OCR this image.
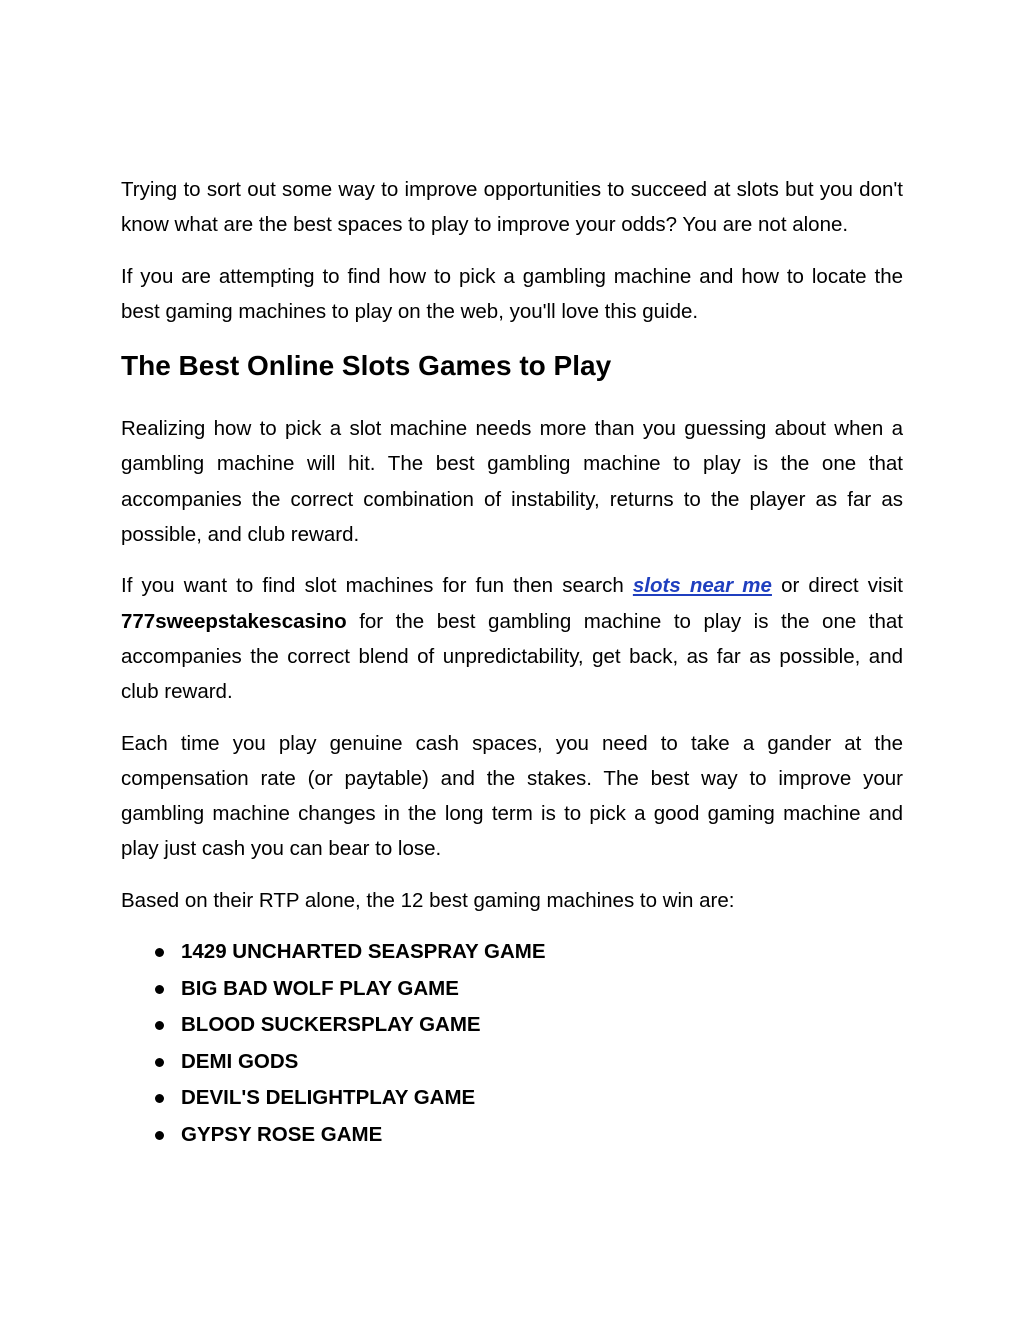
Trying to sort out some way to improve opportunities to succeed at slots but you don't know what are the best spaces to play to improve your odds? You are not alone.

If you are attempting to find how to pick a gambling machine and how to locate the best gaming machines to play on the web, you'll love this guide.

The Best Online Slots Games to Play

Realizing how to pick a slot machine needs more than you guessing about when a gambling machine will hit. The best gambling machine to play is the one that accompanies the correct combination of instability, returns to the player as far as possible, and club reward.

If you want to find slot machines for fun then search slots near me or direct visit 777sweepstakescasino for the best gambling machine to play is the one that accompanies the correct blend of unpredictability, get back, as far as possible, and club reward.

Each time you play genuine cash spaces, you need to take a gander at the compensation rate (or paytable) and the stakes. The best way to improve your gambling machine changes in the long term is to pick a good gaming machine and play just cash you can bear to lose.

Based on their RTP alone, the 12 best gaming machines to win are:

1429 UNCHARTED SEASPRAY GAME
BIG BAD WOLF PLAY GAME
BLOOD SUCKERSPLAY GAME
DEMI GODS
DEVIL'S DELIGHTPLAY GAME
GYPSY ROSE GAME
